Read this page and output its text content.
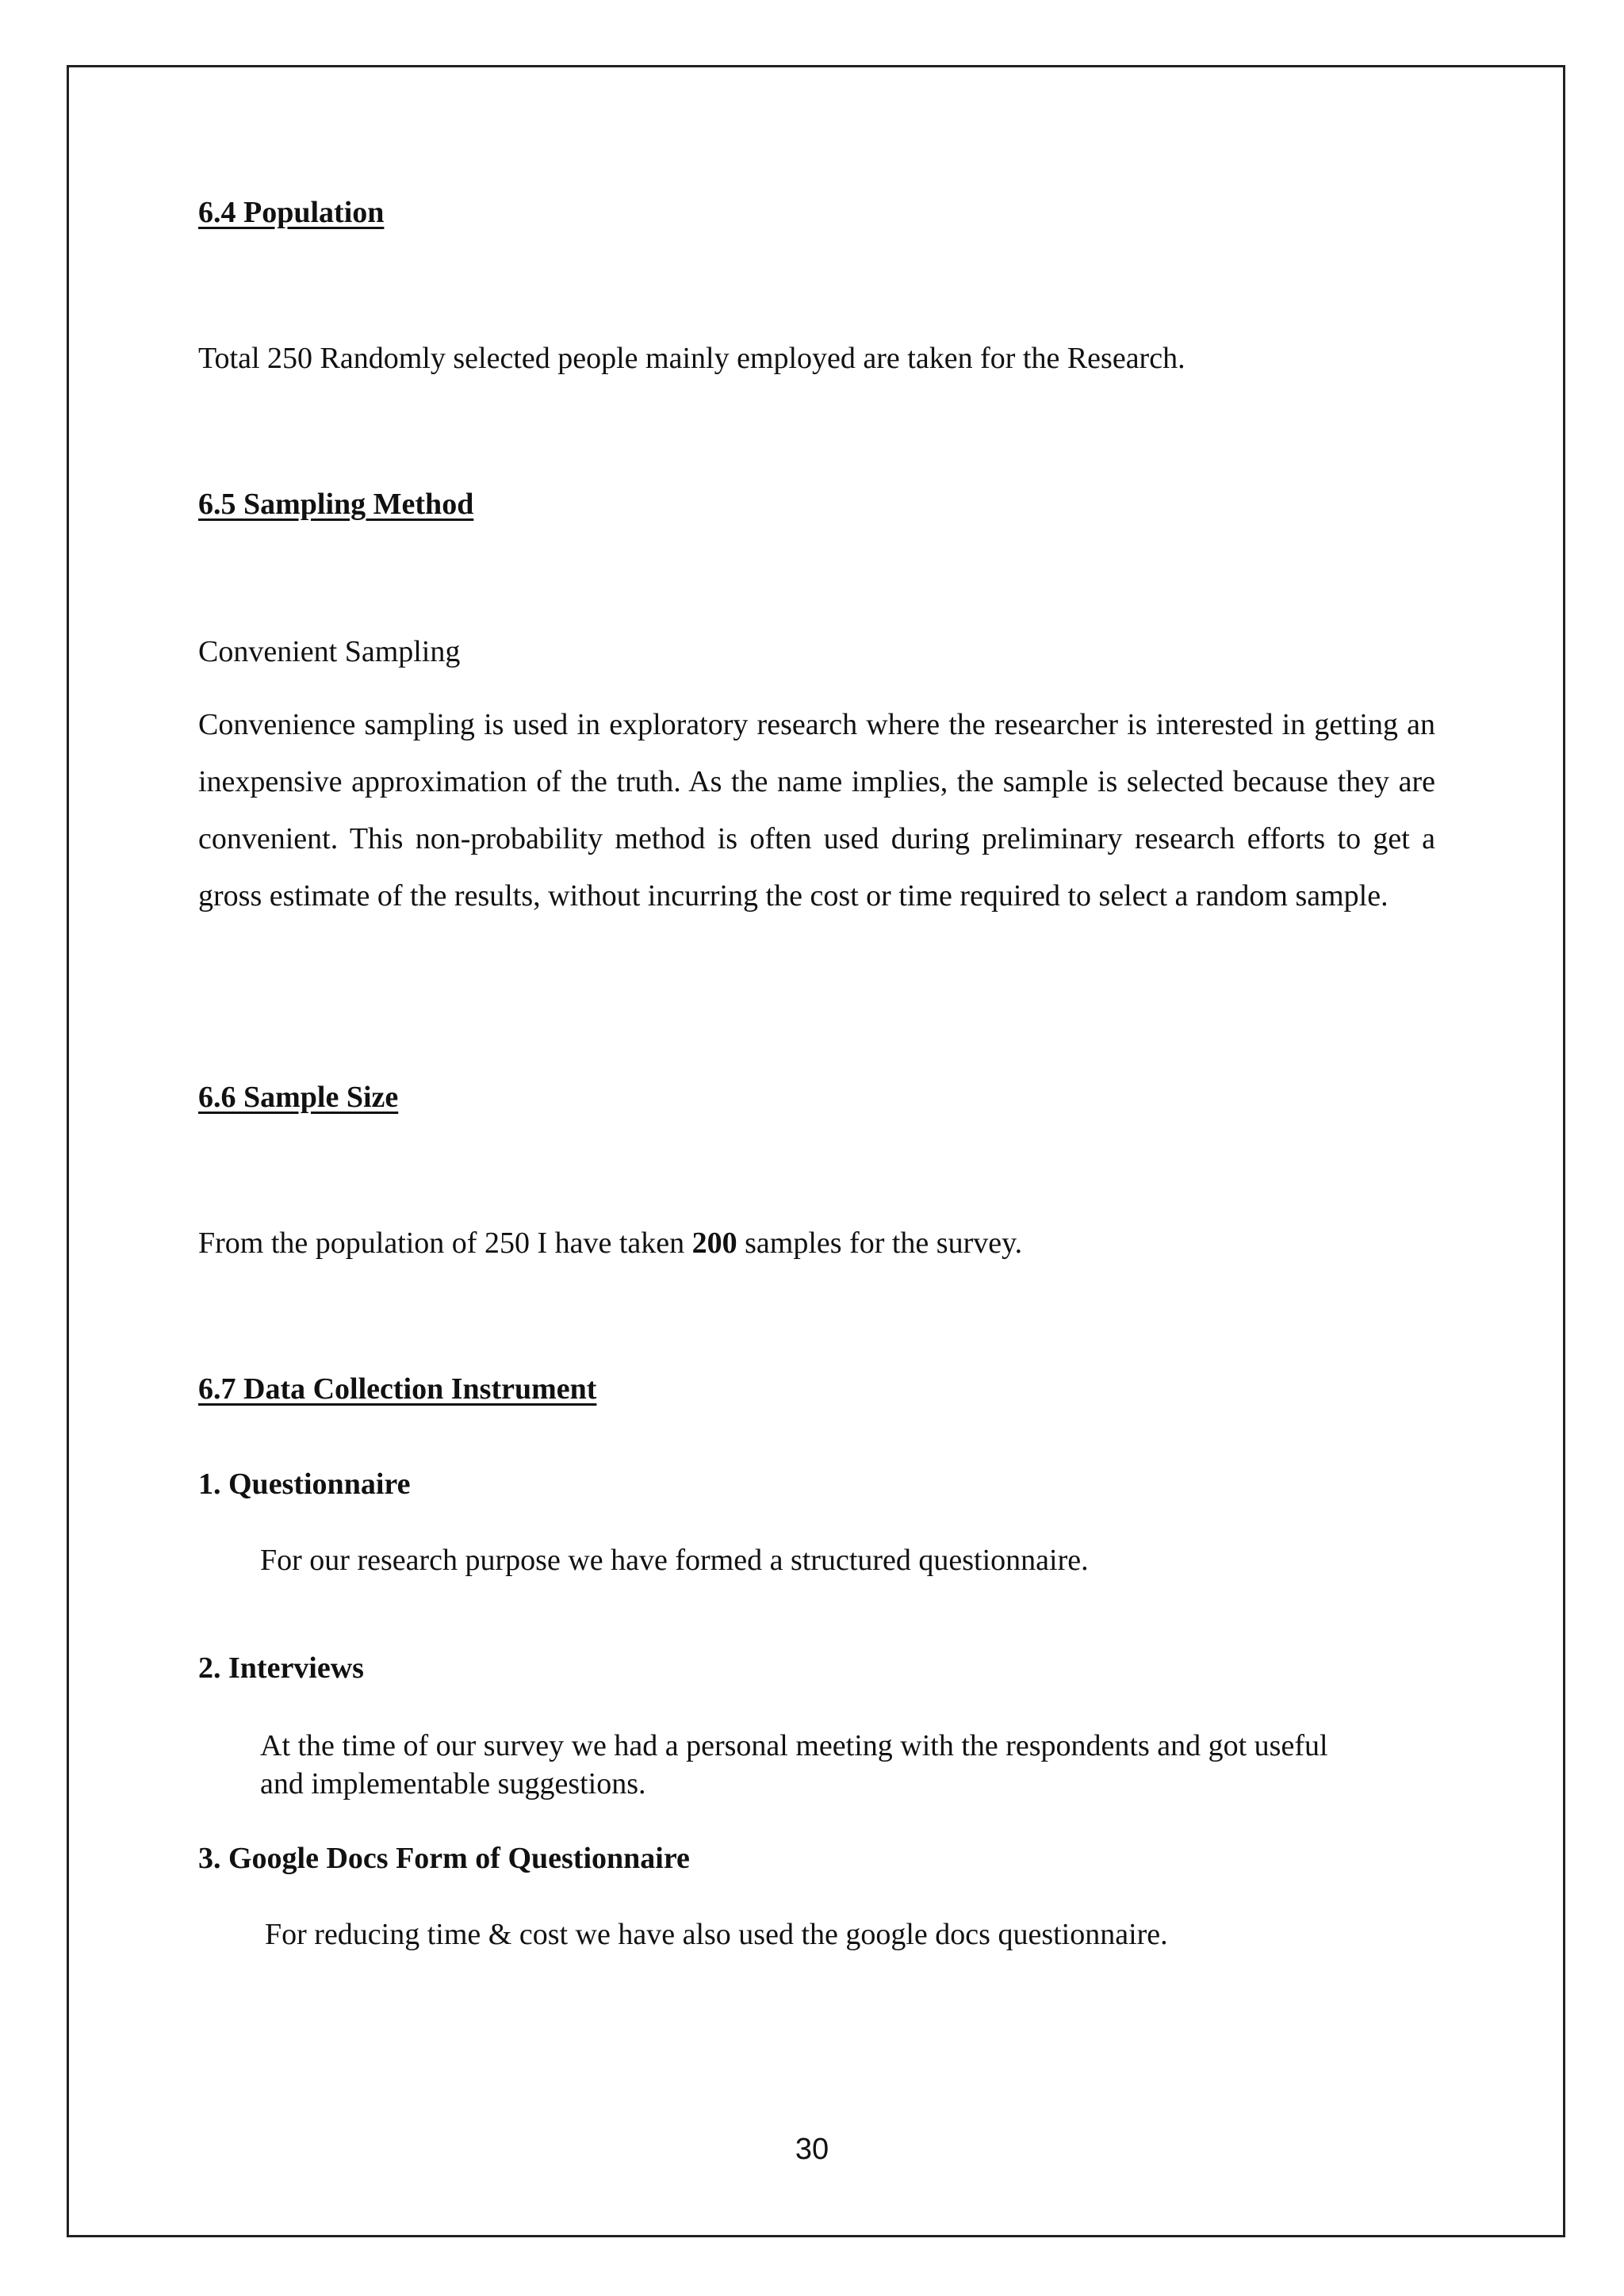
6.4 Population
Total 250 Randomly selected people mainly employed are taken for the Research.
6.5 Sampling Method
Convenient Sampling

Convenience sampling is used in exploratory research where the researcher is interested in getting an inexpensive approximation of the truth. As the name implies, the sample is selected because they are convenient. This non-probability method is often used during preliminary research efforts to get a gross estimate of the results, without incurring the cost or time required to select a random sample.

6.6 Sample Size
From the population of 250 I have taken 200 samples for the survey.
6.7 Data Collection Instrument
1. Questionnaire
For our research purpose we have formed a structured questionnaire.
2. Interviews
At the time of our survey we had a personal meeting with the respondents and got useful and implementable suggestions.
3. Google Docs Form of Questionnaire
For reducing time & cost we have also used the google docs questionnaire.

30
